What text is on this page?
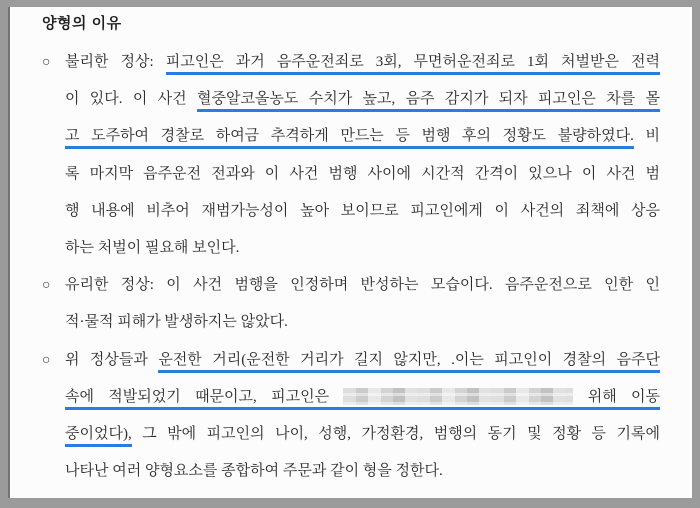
양형의 이유
○ 불리한 정상: 피고인은 과거 음주운전죄로 3회, 무면허운전죄로 1회 처벌받은 전력
이 있다. 이 사건 혈중알코올농도 수치가 높고, 음주 감지가 되자 피고인은 차를 몰
고 도주하여 경찰로 하여금 추격하게 만드는 등 범행 후의 정황도 불량하였다. 비
록 마지막 음주운전 전과와 이 사건 범행 사이에 시간적 간격이 있으나 이 사건 범
행 내용에 비추어 재범가능성이 높아 보이므로 피고인에게 이 사건의 죄책에 상응
하는 처벌이 필요해 보인다.
○ 유리한 정상: 이 사건 범행을 인정하며 반성하는 모습이다. 음주운전으로 인한 인
적·물적 피해가 발생하지는 않았다.
○ 위 정상들과 운전한 거리(운전한 거리가 길지 않지만, .이는 피고인이 경찰의 음주단
속에 적발되었기 때문이고, 피고인은	위해 이동
중이었다), 그 밖에 피고인의 나이, 성행, 가정환경, 범행의 동기 및 정황 등 기록에
나타난 여러 양형요소를 종합하여 주문과 같이 형을 정한다.
